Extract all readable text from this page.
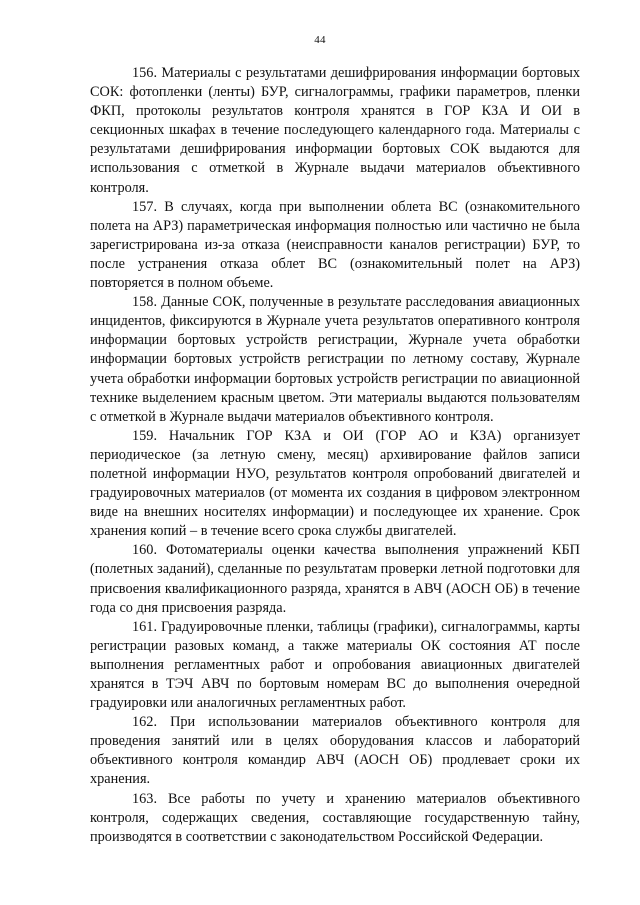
44

156. Материалы с результатами дешифрирования информации бортовых СОК: фотопленки (ленты) БУР, сигналограммы, графики параметров, пленки ФКП, протоколы результатов контроля хранятся в ГОР КЗА И ОИ в секционных шкафах в течение последующего календарного года. Материалы с результатами дешифрирования информации бортовых СОК выдаются для использования с отметкой в Журнале выдачи материалов объективного контроля.

157. В случаях, когда при выполнении облета ВС (ознакомительного полета на АРЗ) параметрическая информация полностью или частично не была зарегистрирована из-за отказа (неисправности каналов регистрации) БУР, то после устранения отказа облет ВС (ознакомительный полет на АРЗ) повторяется в полном объеме.

158. Данные СОК, полученные в результате расследования авиационных инцидентов, фиксируются в Журнале учета результатов оперативного контроля информации бортовых устройств регистрации, Журнале учета обработки информации бортовых устройств регистрации по летному составу, Журнале учета обработки информации бортовых устройств регистрации по авиационной технике выделением красным цветом. Эти материалы выдаются пользователям с отметкой в Журнале выдачи материалов объективного контроля.

159. Начальник ГОР КЗА и ОИ (ГОР АО и КЗА) организует периодическое (за летную смену, месяц) архивирование файлов записи полетной информации НУО, результатов контроля опробований двигателей и градуировочных материалов (от момента их создания в цифровом электронном виде на внешних носителях информации) и последующее их хранение. Срок хранения копий – в течение всего срока службы двигателей.

160. Фотоматериалы оценки качества выполнения упражнений КБП (полетных заданий), сделанные по результатам проверки летной подготовки для присвоения квалификационного разряда, хранятся в АВЧ (АОСН ОБ) в течение года со дня присвоения разряда.

161. Градуировочные пленки, таблицы (графики), сигналограммы, карты регистрации разовых команд, а также материалы ОК состояния АТ после выполнения регламентных работ и опробования авиационных двигателей хранятся в ТЭЧ АВЧ по бортовым номерам ВС до выполнения очередной градуировки или аналогичных регламентных работ.

162. При использовании материалов объективного контроля для проведения занятий или в целях оборудования классов и лабораторий объективного контроля командир АВЧ (АОСН ОБ) продлевает сроки их хранения.

163. Все работы по учету и хранению материалов объективного контроля, содержащих сведения, составляющие государственную тайну, производятся в соответствии с законодательством Российской Федерации.
